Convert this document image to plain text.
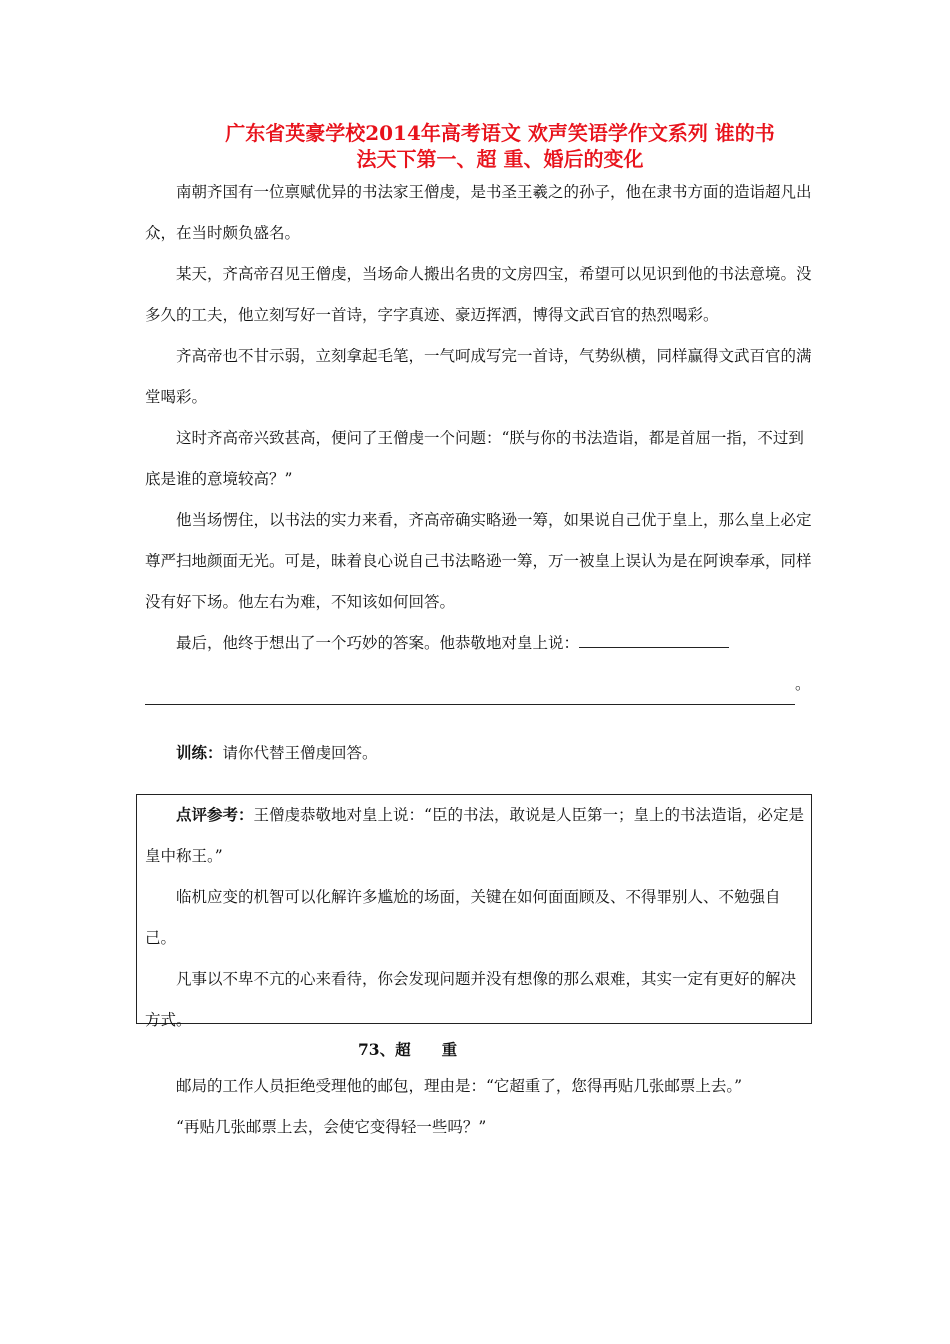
广东省英豪学校2014年高考语文 欢声笑语学作文系列 谁的书
法天下第一、超 重、婚后的变化

南朝齐国有一位禀赋优异的书法家王僧虔，是书圣王羲之的孙子，他在隶书方面的造诣超凡出众，在当时颇负盛名。

某天，齐高帝召见王僧虔，当场命人搬出名贵的文房四宝，希望可以见识到他的书法意境。没多久的工夫，他立刻写好一首诗，字字真迹、豪迈挥洒，博得文武百官的热烈喝彩。

齐高帝也不甘示弱，立刻拿起毛笔，一气呵成写完一首诗，气势纵横，同样赢得文武百官的满堂喝彩。

这时齐高帝兴致甚高，便问了王僧虔一个问题：“朕与你的书法造诣，都是首屈一指，不过到底是谁的意境较高？”

他当场愣住，以书法的实力来看，齐高帝确实略逊一筹，如果说自己优于皇上，那么皇上必定尊严扫地颜面无光。可是，昧着良心说自己书法略逊一筹，万一被皇上误认为是在阿谀奉承，同样没有好下场。他左右为难，不知该如何回答。

最后，他终于想出了一个巧妙的答案。他恭敬地对皇上说：

。

训练：请你代替王僧虔回答。

点评参考：王僧虔恭敬地对皇上说：“臣的书法，敢说是人臣第一；皇上的书法造诣，必定是皇中称王。”

临机应变的机智可以化解许多尴尬的场面，关键在如何面面顾及、不得罪别人、不勉强自己。

凡事以不卑不亢的心来看待，你会发现问题并没有想像的那么艰难，其实一定有更好的解决方式。

73、超　　重

邮局的工作人员拒绝受理他的邮包，理由是：“它超重了，您得再贴几张邮票上去。”

“再贴几张邮票上去，会使它变得轻一些吗？”
